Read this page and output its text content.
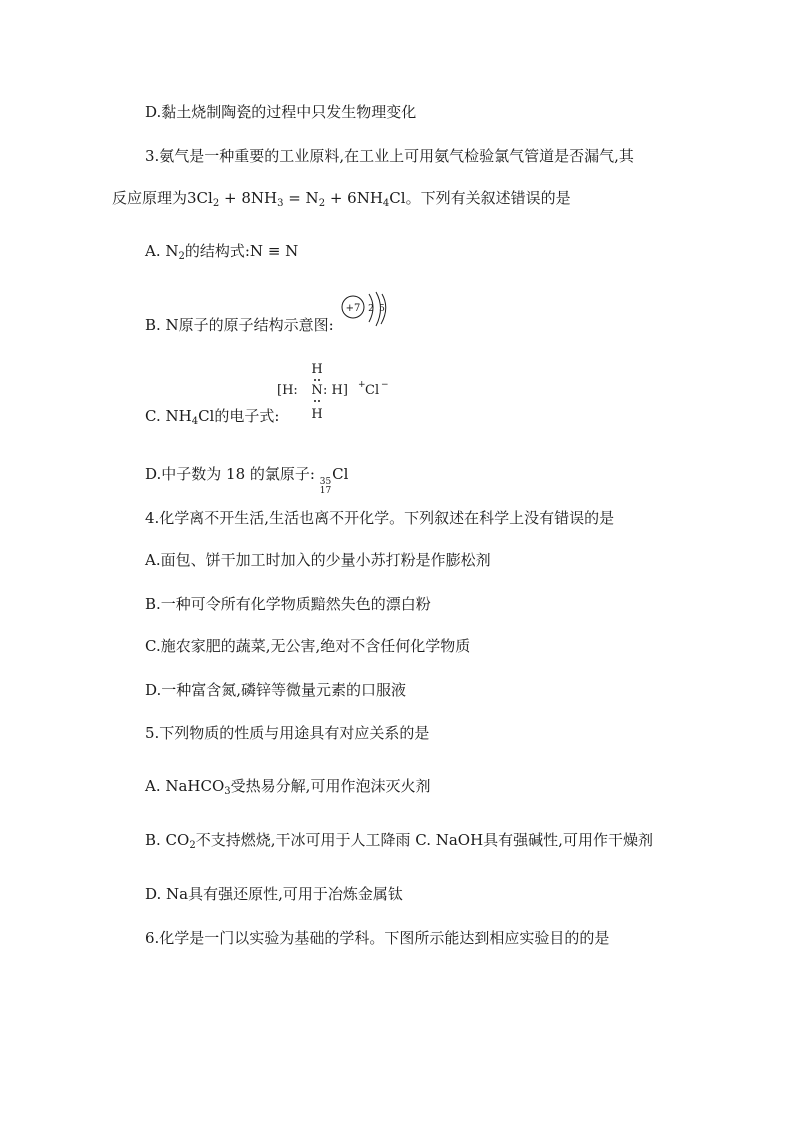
D.黏土烧制陶瓷的过程中只发生物理变化
3.氨气是一种重要的工业原料,在工业上可用氨气检验氯气管道是否漏气,其
反应原理为$3Cl_2 + 8NH_3 = N_2 + 6NH_4Cl$。下列有关叙述错误的是
A. $N_2$的结构式:N ≡ N
B. N原子的原子结构示意图:
+7 2 5
C. $NH_4Cl$的电子式:
H
[H: N : H] + Cl −
H
D.中子数为 18 的氯原子: 35
17
Cl
4.化学离不开生活,生活也离不开化学。下列叙述在科学上没有错误的是
A.面包、饼干加工时加入的少量小苏打粉是作膨松剂
B.一种可令所有化学物质黯然失色的漂白粉
C.施农家肥的蔬菜,无公害,绝对不含任何化学物质
D.一种富含氮,磷锌等微量元素的口服液
5.下列物质的性质与用途具有对应关系的是
A. NaHCO$_3$受热易分解,可用作泡沫灭火剂
B. $CO_2$不支持燃烧,干冰可用于人工降雨 C. NaOH具有强碱性,可用作干燥剂
D. Na具有强还原性,可用于冶炼金属钛
6.化学是一门以实验为基础的学科。下图所示能达到相应实验目的的是
